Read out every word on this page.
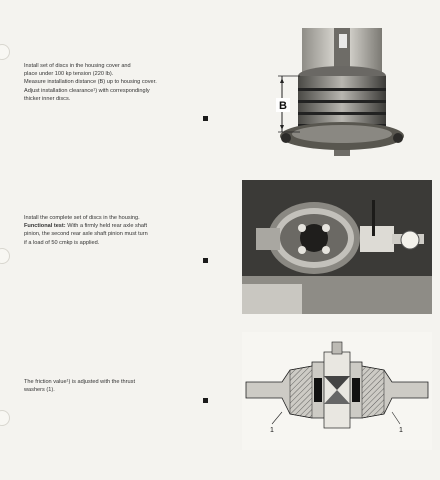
Install set of discs in the housing cover and

place under 100 kp tension (220 lb).

Measure installation distance (B) up to housing cover.

Adjust installation clearance¹) with correspondingly

thicker inner discs.

B

Install the complete set of discs in the housing.

Functional test: With a firmly held rear axle shaft

pinion, the second rear axle shaft pinion must turn

if a load of 50 cmkp is applied.

The friction value¹) is adjusted with the thrust

washers (1).

1	1
